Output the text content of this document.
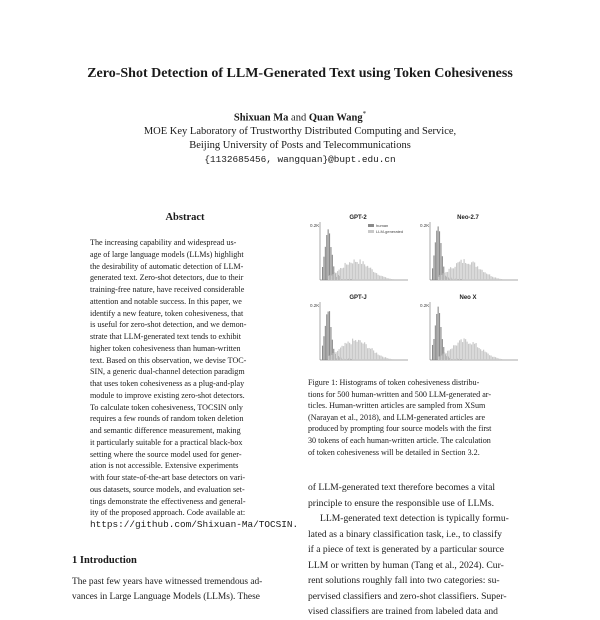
Zero-Shot Detection of LLM-Generated Text using Token Cohesiveness
Shixuan Ma and Quan Wang*
MOE Key Laboratory of Trustworthy Distributed Computing and Service,
Beijing University of Posts and Telecommunications
{1132685456, wangquan}@bupt.edu.cn
Abstract
The increasing capability and widespread us-
age of large language models (LLMs) highlight
the desirability of automatic detection of LLM-
generated text. Zero-shot detectors, due to their
training-free nature, have received considerable
attention and notable success. In this paper, we
identify a new feature, token cohesiveness, that
is useful for zero-shot detection, and we demon-
strate that LLM-generated text tends to exhibit
higher token cohesiveness than human-written
text. Based on this observation, we devise TOC-
SIN, a generic dual-channel detection paradigm
that uses token cohesiveness as a plug-and-play
module to improve existing zero-shot detectors.
To calculate token cohesiveness, TOCSIN only
requires a few rounds of random token deletion
and semantic difference measurement, making
it particularly suitable for a practical black-box
setting where the source model used for gener-
ation is not accessible. Extensive experiments
with four state-of-the-art base detectors on vari-
ous datasets, source models, and evaluation set-
tings demonstrate the effectiveness and general-
ity of the proposed approach. Code available at:
https://github.com/Shixuan-Ma/TOCSIN.
1 Introduction
The past few years have witnessed tremendous ad-
vances in Large Language Models (LLMs). These
GPT-2
0.2K	human
LLM-generated
Neo-2.7
0.2K
GPT-J
0.2K
Neo X
0.2K
Figure 1: Histograms of token cohesiveness distribu-
tions for 500 human-written and 500 LLM-generated ar-
ticles. Human-written articles are sampled from XSum
(Narayan et al., 2018), and LLM-generated articles are
produced by prompting four source models with the first
30 tokens of each human-written article. The calculation
of token cohesiveness will be detailed in Section 3.2.
of LLM-generated text therefore becomes a vital
principle to ensure the responsible use of LLMs.
LLM-generated text detection is typically formu-
lated as a binary classification task, i.e., to classify
if a piece of text is generated by a particular source
LLM or written by human (Tang et al., 2024). Cur-
rent solutions roughly fall into two categories: su-
pervised classifiers and zero-shot classifiers. Super-
vised classifiers are trained from labeled data and
